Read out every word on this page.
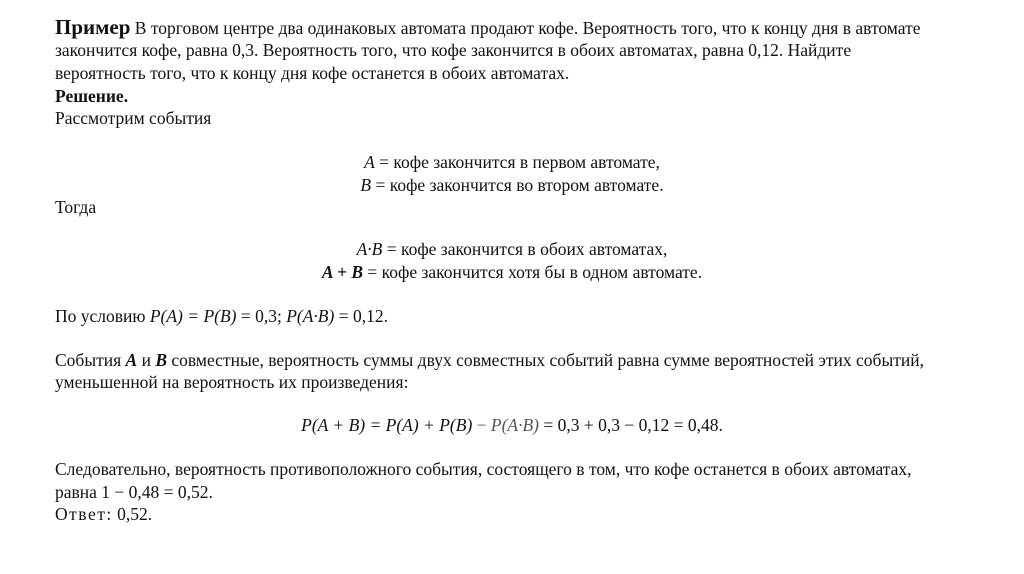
Пример В торговом центре два одинаковых автомата продают кофе. Вероятность того, что к концу дня в автомате
закончится кофе, равна 0,3. Вероятность того, что кофе закончится в обоих автоматах, равна 0,12. Найдите
вероятность того, что к концу дня кофе останется в обоих автоматах.
Решение.
Рассмотрим события
A = кофе закончится в первом автомате,
B = кофе закончится во втором автомате.
Тогда
A·B = кофе закончится в обоих автоматах,
A + B = кофе закончится хотя бы в одном автомате.
По условию P(A) = P(B) = 0,3; P(A·B) = 0,12.
События A и B совместные, вероятность суммы двух совместных событий равна сумме вероятностей этих событий,
уменьшенной на вероятность их произведения:
P(A + B) = P(A) + P(B) − P(A·B) = 0,3 + 0,3 − 0,12 = 0,48.
Следовательно, вероятность противоположного события, состоящего в том, что кофе останется в обоих автоматах,
равна 1 − 0,48 = 0,52.
Ответ: 0,52.
